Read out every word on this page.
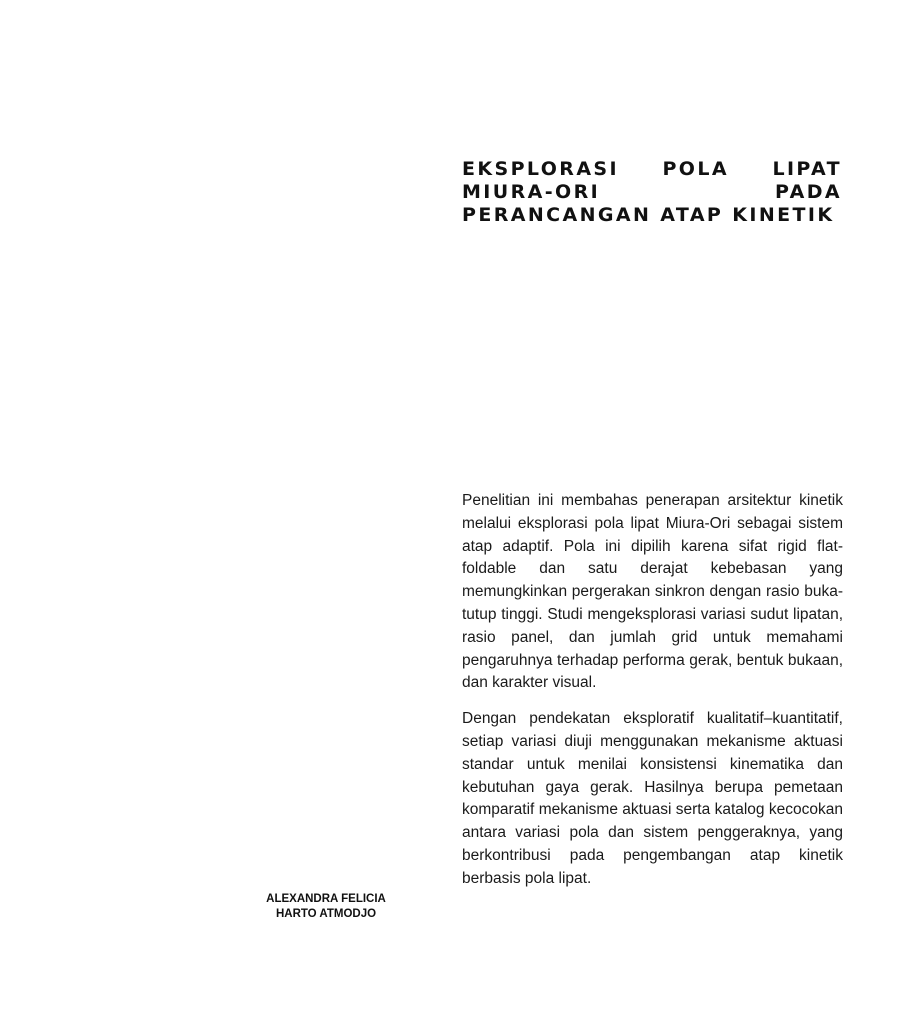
EKSPLORASI POLA LIPAT MIURA-ORI PADA PERANCANGAN ATAP KINETIK

Penelitian ini membahas penerapan arsitektur kinetik melalui eksplorasi pola lipat Miura-Ori sebagai sistem atap adaptif. Pola ini dipilih karena sifat rigid flat-foldable dan satu derajat kebebasan yang memungkinkan pergerakan sinkron dengan rasio buka-tutup tinggi. Studi mengeksplorasi variasi sudut lipatan, rasio panel, dan jumlah grid untuk memahami pengaruhnya terhadap performa gerak, bentuk bukaan, dan karakter visual.

Dengan pendekatan eksploratif kualitatif–kuantitatif, setiap variasi diuji menggunakan mekanisme aktuasi standar untuk menilai konsistensi kinematika dan kebutuhan gaya gerak. Hasilnya berupa pemetaan komparatif mekanisme aktuasi serta katalog kecocokan antara variasi pola dan sistem penggeraknya, yang berkontribusi pada pengembangan atap kinetik berbasis pola lipat.

ALEXANDRA FELICIA
HARTO ATMODJO
